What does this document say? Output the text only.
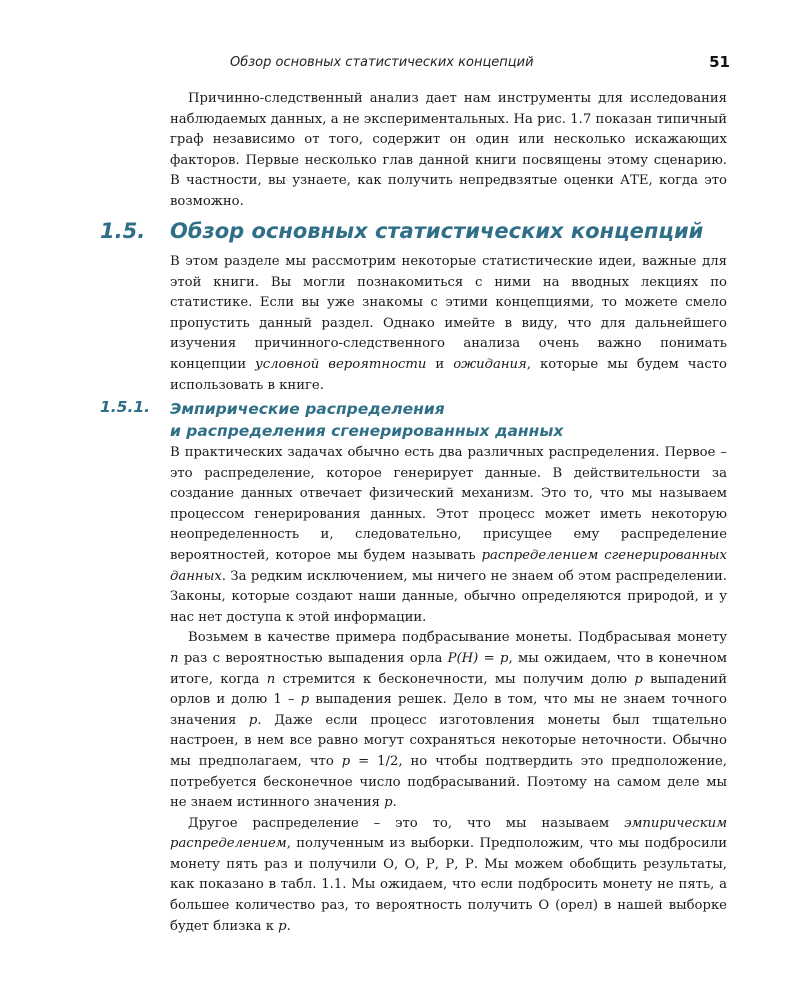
Обзор основных статистических концепций	51

Причинно-следственный анализ дает нам инструменты для исследования наблюдаемых данных, а не экспериментальных. На рис. 1.7 показан типичный граф независимо от того, содержит он один или несколько искажающих факторов. Первые несколько глав данной книги посвящены этому сценарию. В частности, вы узнаете, как получить непредвзятые оценки АТЕ, когда это возможно.

1.5. Обзор основных статистических концепций

В этом разделе мы рассмотрим некоторые статистические идеи, важные для этой книги. Вы могли познакомиться с ними на вводных лекциях по статистике. Если вы уже знакомы с этими концепциями, то можете смело пропустить данный раздел. Однако имейте в виду, что для дальнейшего изучения причинного-следственного анализа очень важно понимать концепции условной вероятности и ожидания, которые мы будем часто использовать в книге.

1.5.1. Эмпирические распределения
и распределения сгенерированных данных

В практических задачах обычно есть два различных распределения. Первое – это распределение, которое генерирует данные. В действительности за создание данных отвечает физический механизм. Это то, что мы называем процессом генерирования данных. Этот процесс может иметь некоторую неопределенность и, следовательно, присущее ему распределение вероятностей, которое мы будем называть распределением сгенерированных данных. За редким исключением, мы ничего не знаем об этом распределении. Законы, которые создают наши данные, обычно определяются природой, и у нас нет доступа к этой информации.

Возьмем в качестве примера подбрасывание монеты. Подбрасывая монету n раз с вероятностью выпадения орла P(H) = p, мы ожидаем, что в конечном итоге, когда n стремится к бесконечности, мы получим долю p выпадений орлов и долю 1 – p выпадения решек. Дело в том, что мы не знаем точного значения p. Даже если процесс изготовления монеты был тщательно настроен, в нем все равно могут сохраняться некоторые неточности. Обычно мы предполагаем, что p = 1/2, но чтобы подтвердить это предположение, потребуется бесконечное число подбрасываний. Поэтому на самом деле мы не знаем истинного значения p.

Другое распределение – это то, что мы называем эмпирическим распределением, полученным из выборки. Предположим, что мы подбросили монету пять раз и получили О, О, Р, Р, Р. Мы можем обобщить результаты, как показано в табл. 1.1. Мы ожидаем, что если подбросить монету не пять, а большее количество раз, то вероятность получить О (орел) в нашей выборке будет близка к p.
